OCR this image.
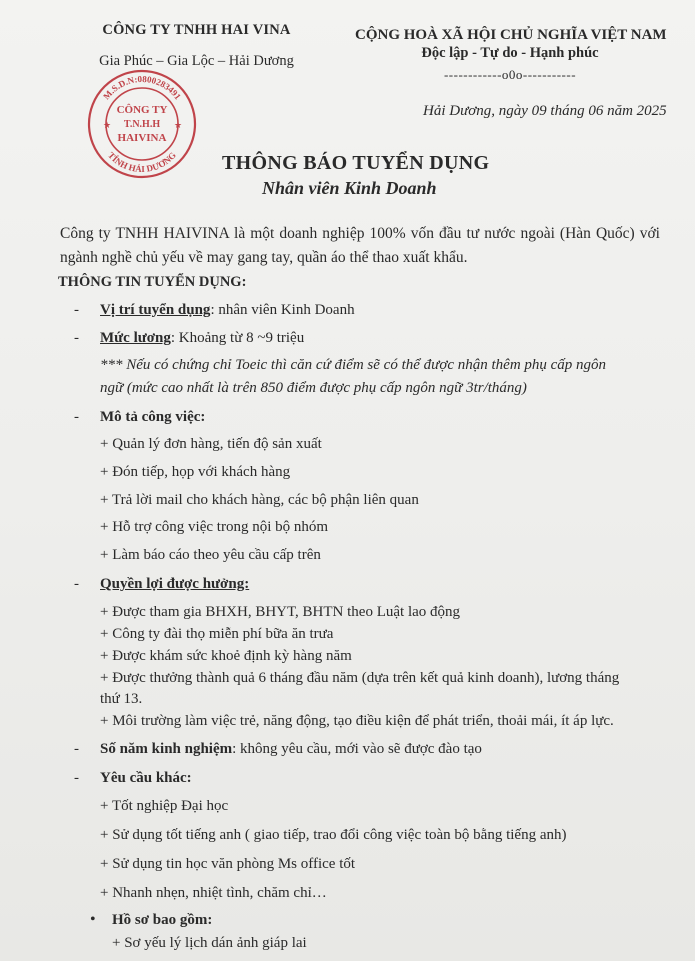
CÔNG TY TNHH HAI VINA
Gia Phúc – Gia Lộc – Hải Dương
CỘNG HOÀ XÃ HỘI CHỦ NGHĨA VIỆT NAM
Độc lập - Tự do - Hạnh phúc
------------o0o-----------
M.S.D.N:0800283491
TỈNH HẢI DƯƠNG
★	★
CÔNG TY
T.N.H.H
HAIVINA
Hải Dương, ngày 09 tháng 06 năm 2025
THÔNG BÁO TUYỂN DỤNG
Nhân viên Kinh Doanh
Công ty TNHH HAIVINA là một doanh nghiệp 100% vốn đầu tư nước ngoài (Hàn Quốc) với ngành nghề chủ yếu về may gang tay, quần áo thể thao xuất khẩu.
THÔNG TIN TUYỂN DỤNG:
- Vị trí tuyển dụng: nhân viên Kinh Doanh
- Mức lương: Khoảng từ 8 ~9 triệu
*** Nếu có chứng chỉ Toeic thì căn cứ điểm sẽ có thể được nhận thêm phụ cấp ngôn
ngữ (mức cao nhất là trên 850 điểm được phụ cấp ngôn ngữ 3tr/tháng)
- Mô tả công việc:
+ Quản lý đơn hàng, tiến độ sản xuất
+ Đón tiếp, họp với khách hàng
+ Trả lời mail cho khách hàng, các bộ phận liên quan
+ Hỗ trợ công việc trong nội bộ nhóm
+ Làm báo cáo theo yêu cầu cấp trên
- Quyền lợi được hưởng:
+ Được tham gia BHXH, BHYT, BHTN theo Luật lao động
+ Công ty đài thọ miễn phí bữa ăn trưa
+ Được khám sức khoẻ định kỳ hàng năm
+ Được thưởng thành quả 6 tháng đầu năm (dựa trên kết quả kinh doanh), lương tháng
thứ 13.
+ Môi trường làm việc trẻ, năng động, tạo điều kiện để phát triển, thoải mái, ít áp lực.
- Số năm kinh nghiệm: không yêu cầu, mới vào sẽ được đào tạo
- Yêu cầu khác:
+ Tốt nghiệp Đại học
+ Sử dụng tốt tiếng anh ( giao tiếp, trao đổi công việc toàn bộ bằng tiếng anh)
+ Sử dụng tin học văn phòng Ms office tốt
+ Nhanh nhẹn, nhiệt tình, chăm chỉ…
• Hồ sơ bao gồm:
+ Sơ yếu lý lịch dán ảnh giáp lai
